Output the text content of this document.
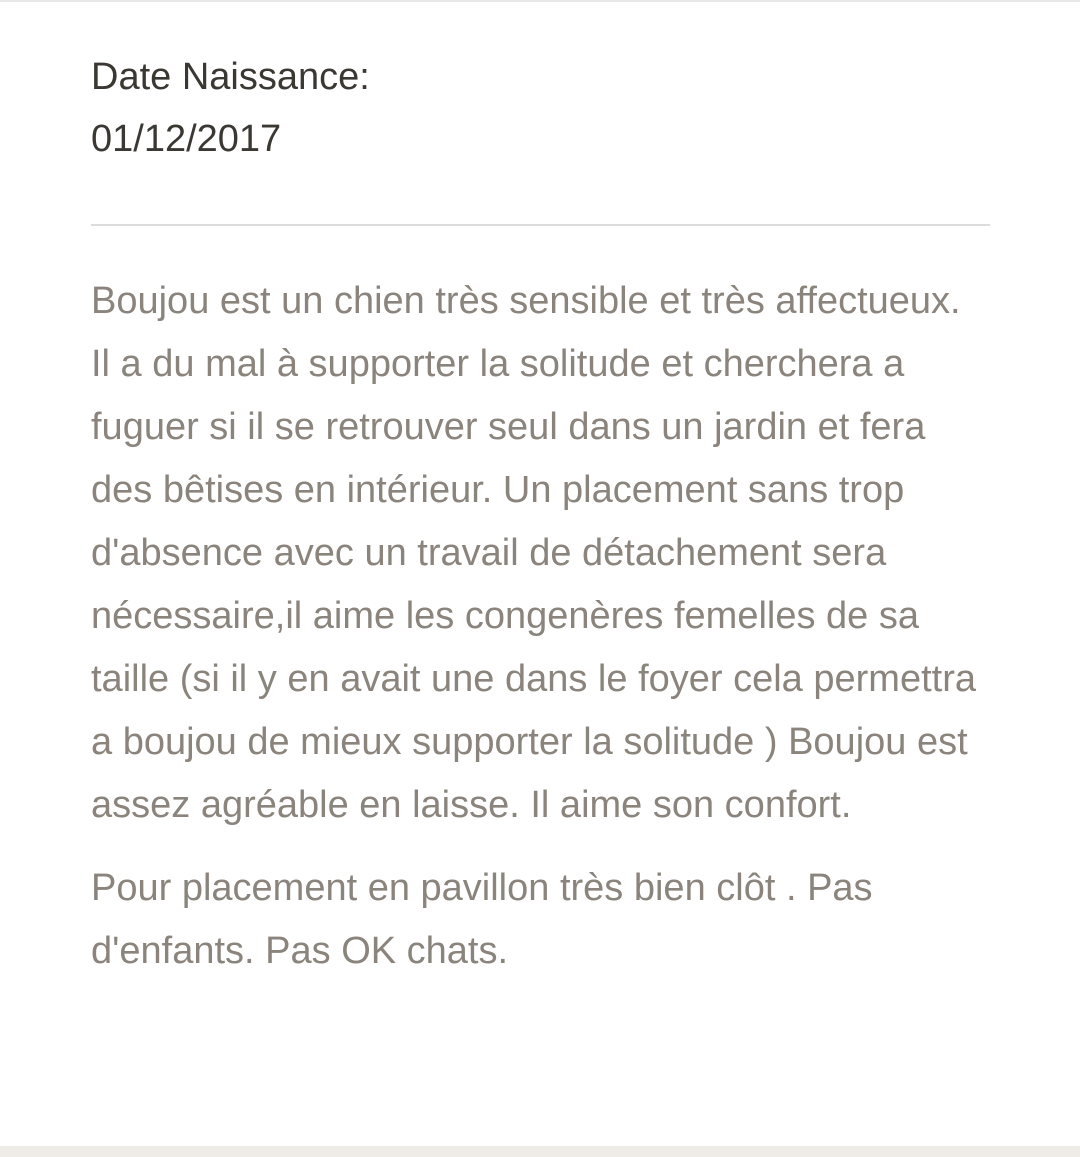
Date Naissance:
01/12/2017

Boujou est un chien très sensible et très affectueux. Il a du mal à supporter la solitude et cherchera a fuguer si il se retrouver seul dans un jardin et fera des bêtises en intérieur. Un placement sans trop d'absence avec un travail de détachement sera nécessaire,il aime les congenères femelles de sa taille (si il y en avait une dans le foyer cela permettra a boujou de mieux supporter la solitude ) Boujou est assez agréable en laisse. Il aime son confort.

Pour placement en pavillon très bien clôt . Pas d'enfants. Pas OK chats.
